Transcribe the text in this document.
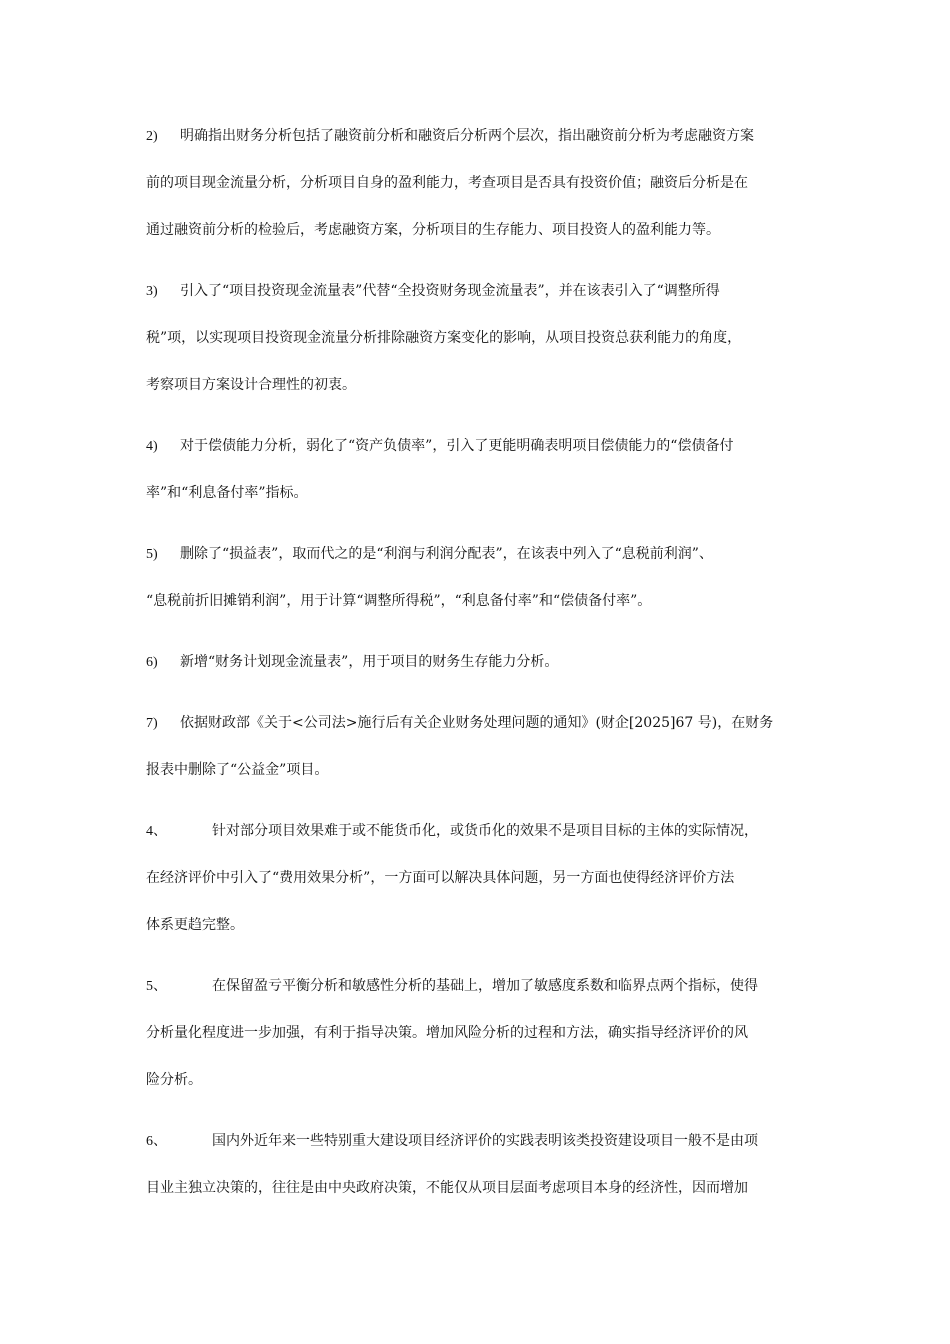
2) 明确指出财务分析包括了融资前分析和融资后分析两个层次，指出融资前分析为考虑融资方案
前的项目现金流量分析，分析项目自身的盈利能力，考查项目是否具有投资价值；融资后分析是在
通过融资前分析的检验后，考虑融资方案，分析项目的生存能力、项目投资人的盈利能力等。
3) 引入了“项目投资现金流量表”代替“全投资财务现金流量表”，并在该表引入了“调整所得
税”项，以实现项目投资现金流量分析排除融资方案变化的影响，从项目投资总获利能力的角度，
考察项目方案设计合理性的初衷。
4) 对于偿债能力分析，弱化了“资产负债率”，引入了更能明确表明项目偿债能力的“偿债备付
率”和“利息备付率”指标。
5) 删除了“损益表”，取而代之的是“利润与利润分配表”，在该表中列入了“息税前利润”、
“息税前折旧摊销利润”，用于计算“调整所得税”，“利息备付率”和“偿债备付率”。
6) 新增“财务计划现金流量表”，用于项目的财务生存能力分析。
7) 依据财政部《关于<公司法>施行后有关企业财务处理问题的通知》(财企[2025]67 号)，在财务
报表中删除了“公益金”项目。
4、	针对部分项目效果难于或不能货币化，或货币化的效果不是项目目标的主体的实际情况，
在经济评价中引入了“费用效果分析”，一方面可以解决具体问题，另一方面也使得经济评价方法
体系更趋完整。
5、	在保留盈亏平衡分析和敏感性分析的基础上，增加了敏感度系数和临界点两个指标，使得
分析量化程度进一步加强，有利于指导决策。增加风险分析的过程和方法，确实指导经济评价的风
险分析。
6、	国内外近年来一些特别重大建设项目经济评价的实践表明该类投资建设项目一般不是由项
目业主独立决策的，往往是由中央政府决策，不能仅从项目层面考虑项目本身的经济性，因而增加
